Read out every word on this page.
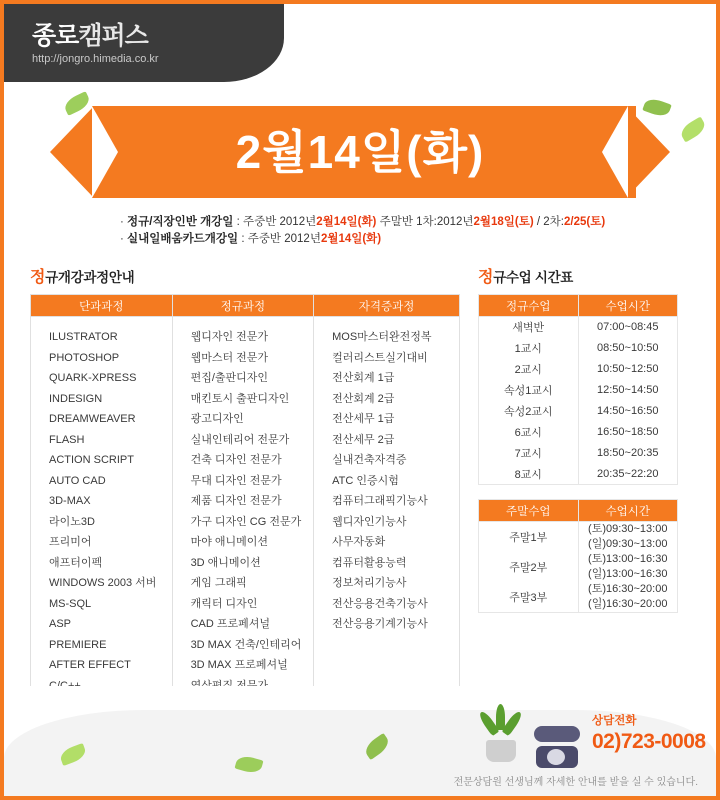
종로캠퍼스
http://jongro.himedia.co.kr
2월14일(화)
· 정규/직장인반 개강일 : 주중반 2012년2월14일(화) 주말반 1차:2012년2월18일(토) / 2차:2/25(토)
· 실내일배움카드개강일 : 주중반 2012년2월14일(화)
정규개강과정안내
단과과정	정규과정	자격증과정

ILUSTRATOR
PHOTOSHOP
QUARK-XPRESS
INDESIGN
DREAMWEAVER
FLASH
ACTION SCRIPT
AUTO CAD
3D-MAX
라이노3D
프리미어
애프터이펙
WINDOWS 2003 서버
MS-SQL
ASP
PREMIERE
AFTER EFFECT

웹디자인 전문가
웹마스터 전문가
편집/출판디자인
매킨토시 출판디자인
광고디자인
실내인테리어 전문가
건축 디자인 전문가
무대 디자인 전문가
제품 디자인 전문가
가구 디자인 CG 전문가
마야 애니메이션
3D 애니메이션
게임 그래픽
캐릭터 디자인
CAD 프로페셔널
3D MAX 건축/인테리어
3D MAX 프로페셔널

MOS마스터완전정복
컬러리스트실기대비
전산회계 1급
전산회계 2급
전산세무 1급
전산세무 2급
실내건축자격증
ATC 인증시험
컴퓨터그래픽기능사
웹디자인기능사
사무자동화
컴퓨터활용능력
정보처리기능사
전산응용건축기능사
전산응용기계기능사
정규수업 시간표
정규수업	수업시간
새벽반	07:00~08:45
1교시	08:50~10:50
2교시	10:50~12:50
속성1교시	12:50~14:50
속성2교시	14:50~16:50
6교시	16:50~18:50
7교시	18:50~20:35
8교시	20:35~22:20
주말수업	수업시간
주말1부	(토)09:30~13:00
(일)09:30~13:00

주말2부	(토)13:00~16:30
(일)13:00~16:30

주말3부	(토)16:30~20:00
(일)16:30~20:00
상담전화
02)723-0008
전문상담원 선생님께 자세한 안내를 받을 실 수 있습니다.
